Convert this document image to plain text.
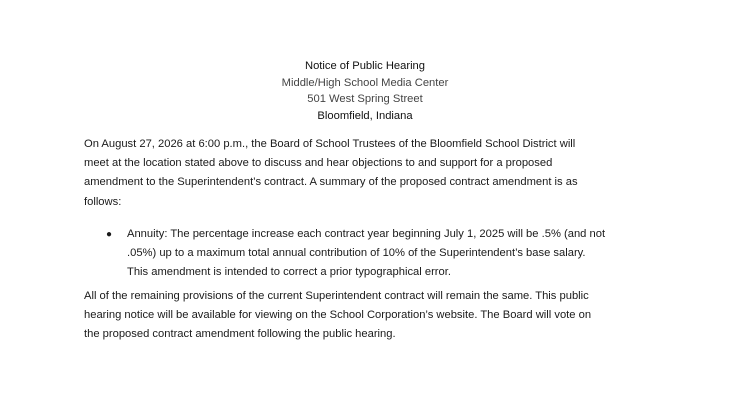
Notice of Public Hearing
Middle/High School Media Center
501 West Spring Street
Bloomfield, Indiana

On August 27, 2026 at 6:00 p.m., the Board of School Trustees of the Bloomfield School District will
meet at the location stated above to discuss and hear objections to and support for a proposed
amendment to the Superintendent’s contract. A summary of the proposed contract amendment is as
follows:

● Annuity: The percentage increase each contract year beginning July 1, 2025 will be .5% (and not
.05%) up to a maximum total annual contribution of 10% of the Superintendent’s base salary.
This amendment is intended to correct a prior typographical error.

All of the remaining provisions of the current Superintendent contract will remain the same. This public
hearing notice will be available for viewing on the School Corporation’s website. The Board will vote on
the proposed contract amendment following the public hearing.
